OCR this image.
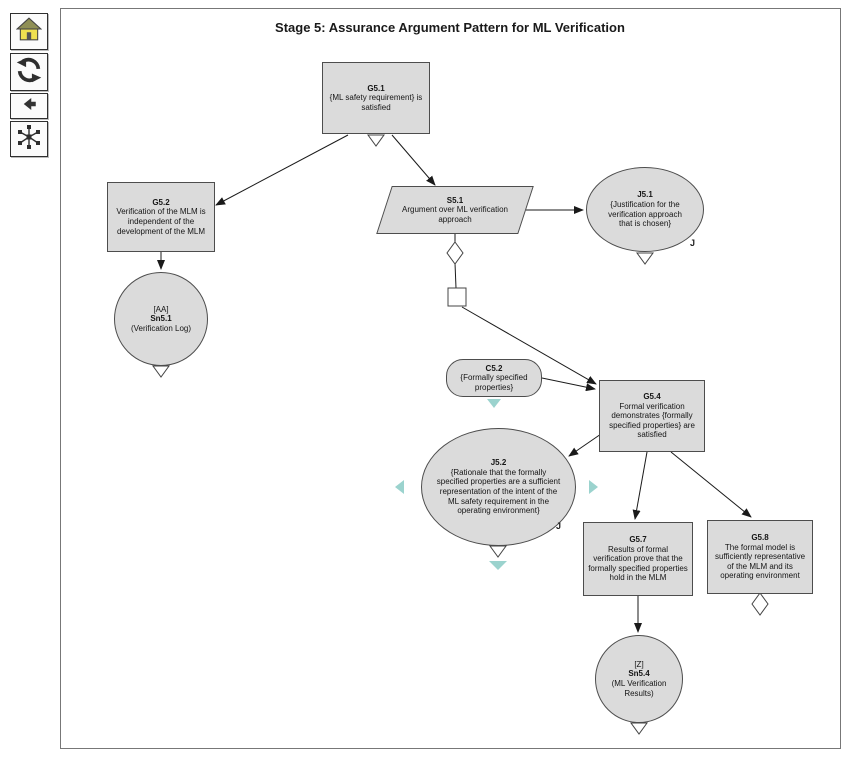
Stage 5: Assurance Argument Pattern for ML Verification
G5.1
{ML safety requirement} is satisfied
G5.2
Verification of the MLM is independent of the development of the MLM
[AA]
Sn5.1
(Verification Log)
S5.1
Argument over ML verification approach
J5.1
{Justification for the verification approach that is chosen}
J
C5.2
{Formally specified properties}
J5.2
{Rationale that the formally specified properties are a sufficient representation of the intent of the ML safety requirement in the operating environment}
J
G5.4
Formal verification demonstrates {formally specified properties} are satisfied
G5.7
Results of formal verification prove that the formally specified properties hold in the MLM
G5.8
The formal model is sufficiently representative of the MLM and its operating environment
[Z]
Sn5.4
(ML Verification Results)
